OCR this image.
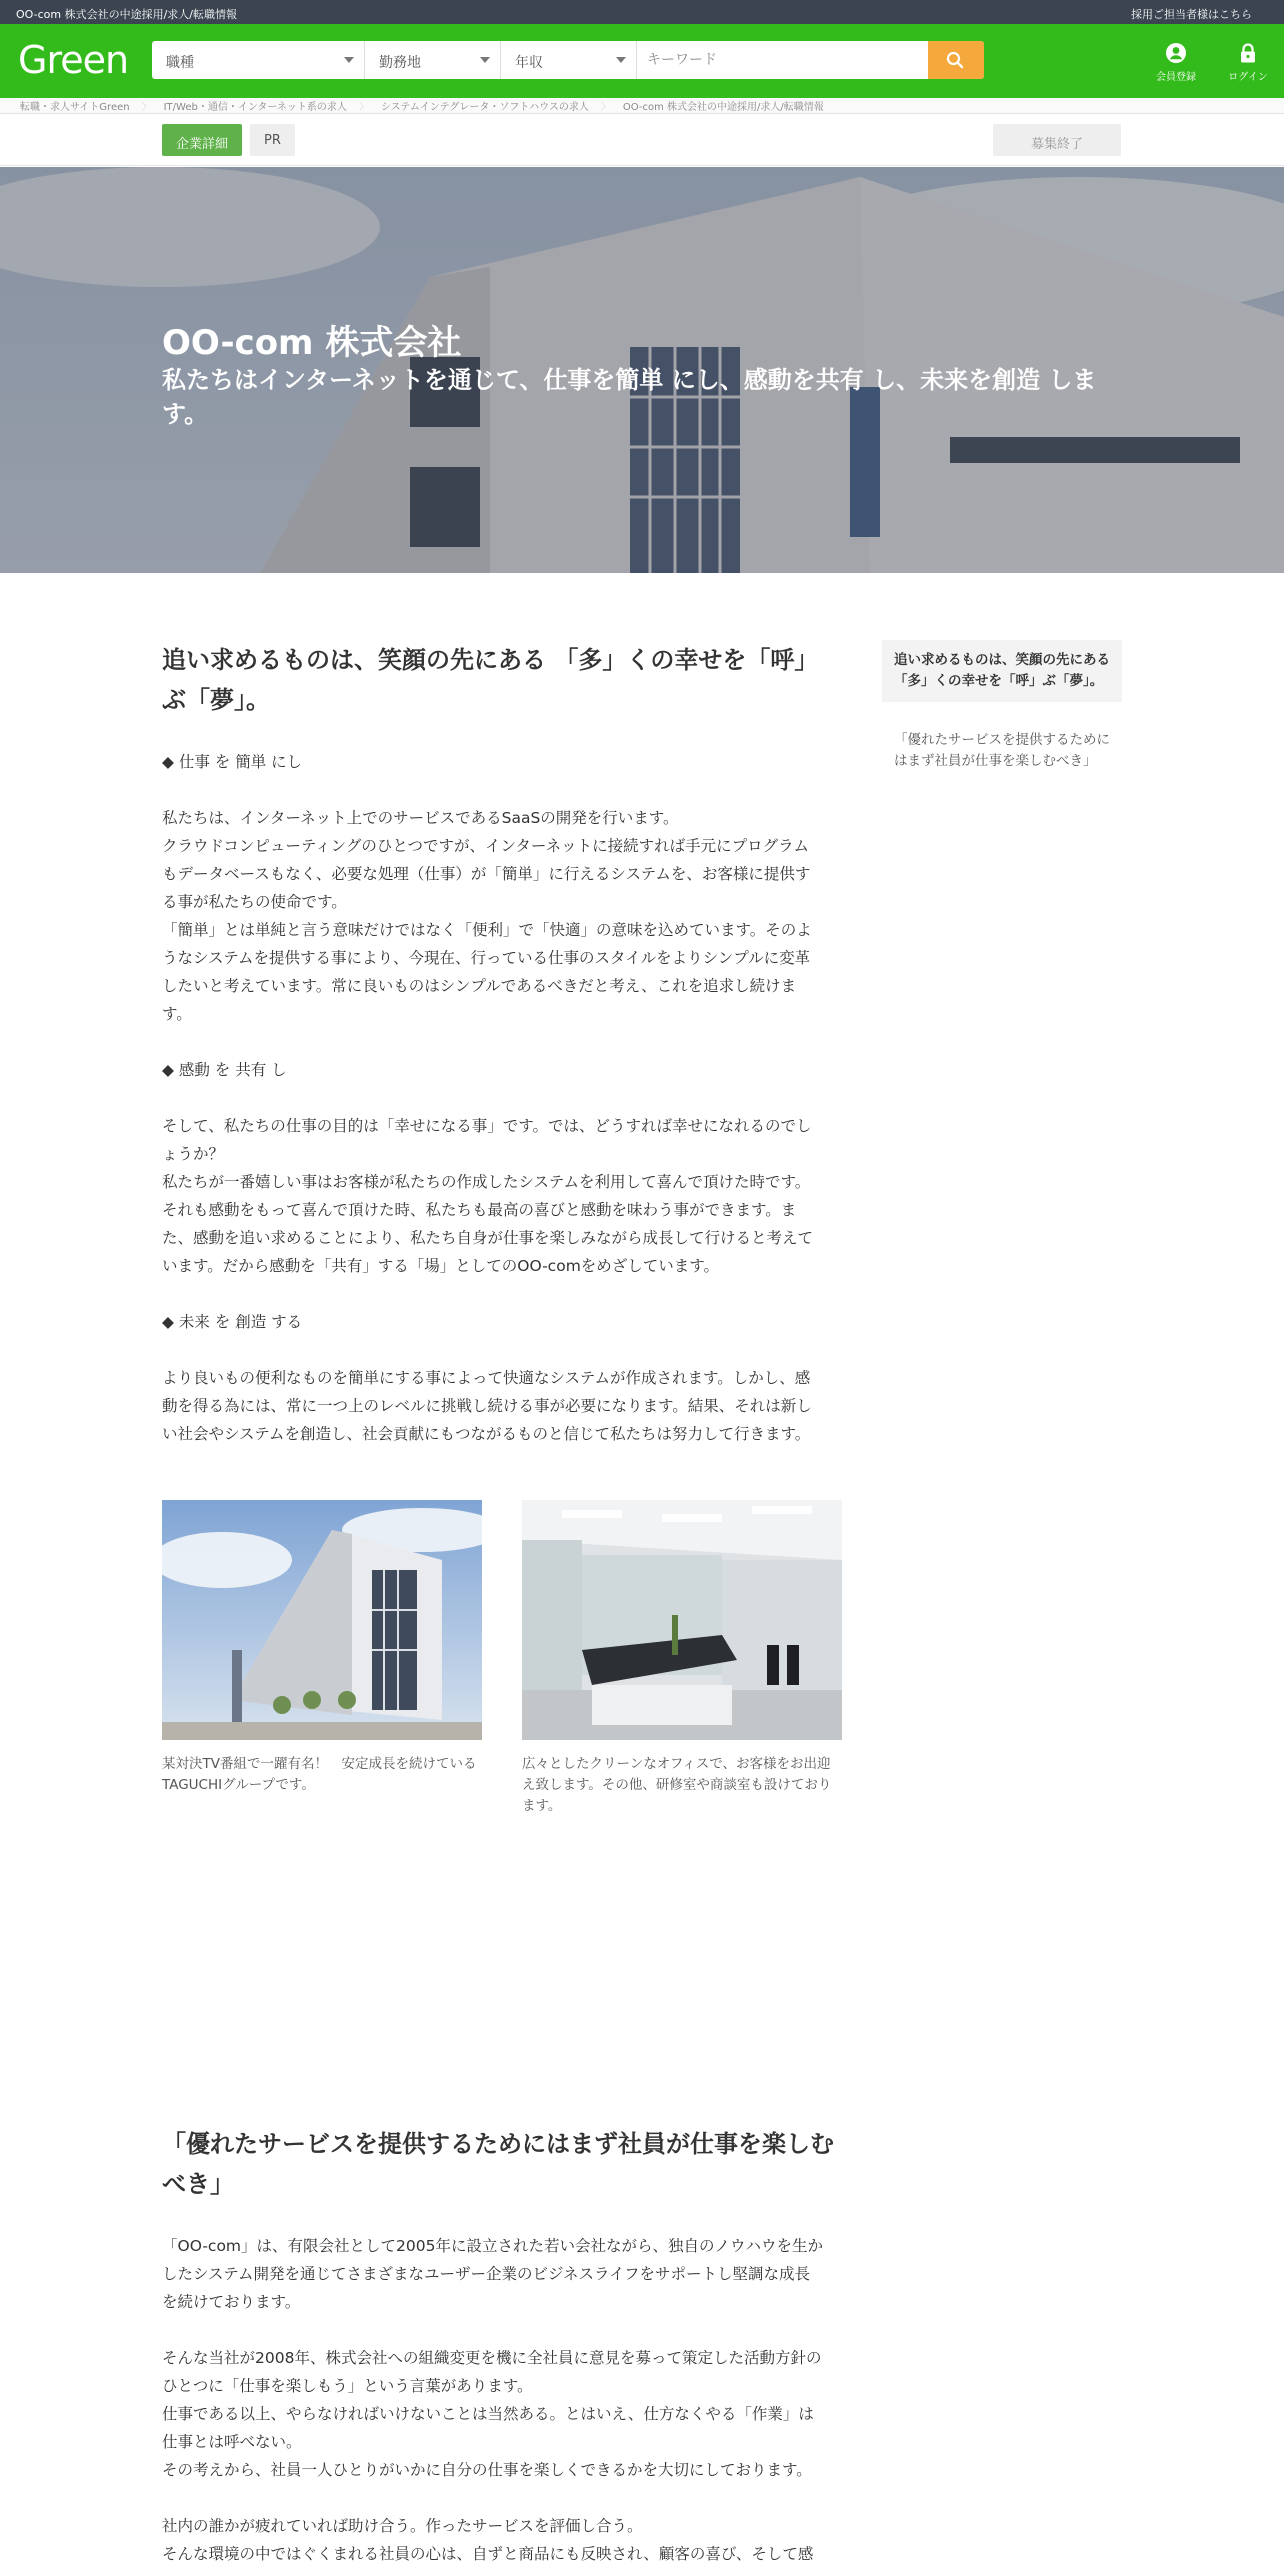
OO-com 株式会社の中途採用/求人/転職情報	採用ご担当者様はこちら
Green	職種	勤務地	年収
キーワード
会員登録	ログイン
転職・求人サイトGreen 〉 IT/Web・通信・インターネット系の求人 〉 システムインテグレータ・ソフトハウスの求人 〉 OO-com 株式会社の中途採用/求人/転職情報
企業詳細	PR	募集終了
OO-com 株式会社

私たちはインターネットを通じて、仕事を簡単 にし、感動を共有 し、未来を創造 します。

追い求めるものは、笑顔の先にある 「多」くの幸せを「呼」ぶ「夢」。
◆ 仕事 を 簡単 にし

私たちは、インターネット上でのサービスであるSaaSの開発を行います。
クラウドコンピューティングのひとつですが、インターネットに接続すれば手元にプログラム
もデータベースもなく、必要な処理（仕事）が「簡単」に行えるシステムを、お客様に提供す
る事が私たちの使命です。
「簡単」とは単純と言う意味だけではなく「便利」で「快適」の意味を込めています。そのよ
うなシステムを提供する事により、今現在、行っている仕事のスタイルをよりシンプルに変革
したいと考えています。常に良いものはシンプルであるべきだと考え、これを追求し続けま
す。

◆ 感動 を 共有 し

そして、私たちの仕事の目的は「幸せになる事」です。では、どうすれば幸せになれるのでし
ょうか？
私たちが一番嬉しい事はお客様が私たちの作成したシステムを利用して喜んで頂けた時です。
それも感動をもって喜んで頂けた時、私たちも最高の喜びと感動を味わう事ができます。ま
た、感動を追い求めることにより、私たち自身が仕事を楽しみながら成長して行けると考えて
います。だから感動を「共有」する「場」としてのOO-comをめざしています。

◆ 未来 を 創造 する

より良いもの便利なものを簡単にする事によって快適なシステムが作成されます。しかし、感
動を得る為には、常に一つ上のレベルに挑戦し続ける事が必要になります。結果、それは新し
い社会やシステムを創造し、社会貢献にもつながるものと信じて私たちは努力して行きます。
某対決TV番組で一躍有名！　安定成長を続けているTAGUCHIグループです。
広々としたクリーンなオフィスで、お客様をお出迎え致します。その他、研修室や商談室も設けております。
「優れたサービスを提供するためにはまず社員が仕事を楽しむべき」
「OO-com」は、有限会社として2005年に設立された若い会社ながら、独自のノウハウを生か
したシステム開発を通じてさまざまなユーザー企業のビジネスライフをサポートし堅調な成長
を続けております。

そんな当社が2008年、株式会社への組織変更を機に全社員に意見を募って策定した活動方針の
ひとつに「仕事を楽しもう」という言葉があります。
仕事である以上、やらなければいけないことは当然ある。とはいえ、仕方なくやる「作業」は
仕事とは呼べない。
その考えから、社員一人ひとりがいかに自分の仕事を楽しくできるかを大切にしております。

社内の誰かが疲れていれば助け合う。作ったサービスを評価し合う。
そんな環境の中ではぐくまれる社員の心は、自ずと商品にも反映され、顧客の喜び、そして感
追い求めるものは、笑顔の先にある 「多」くの幸せを「呼」ぶ「夢」。
「優れたサービスを提供するためにはまず社員が仕事を楽しむべき」
